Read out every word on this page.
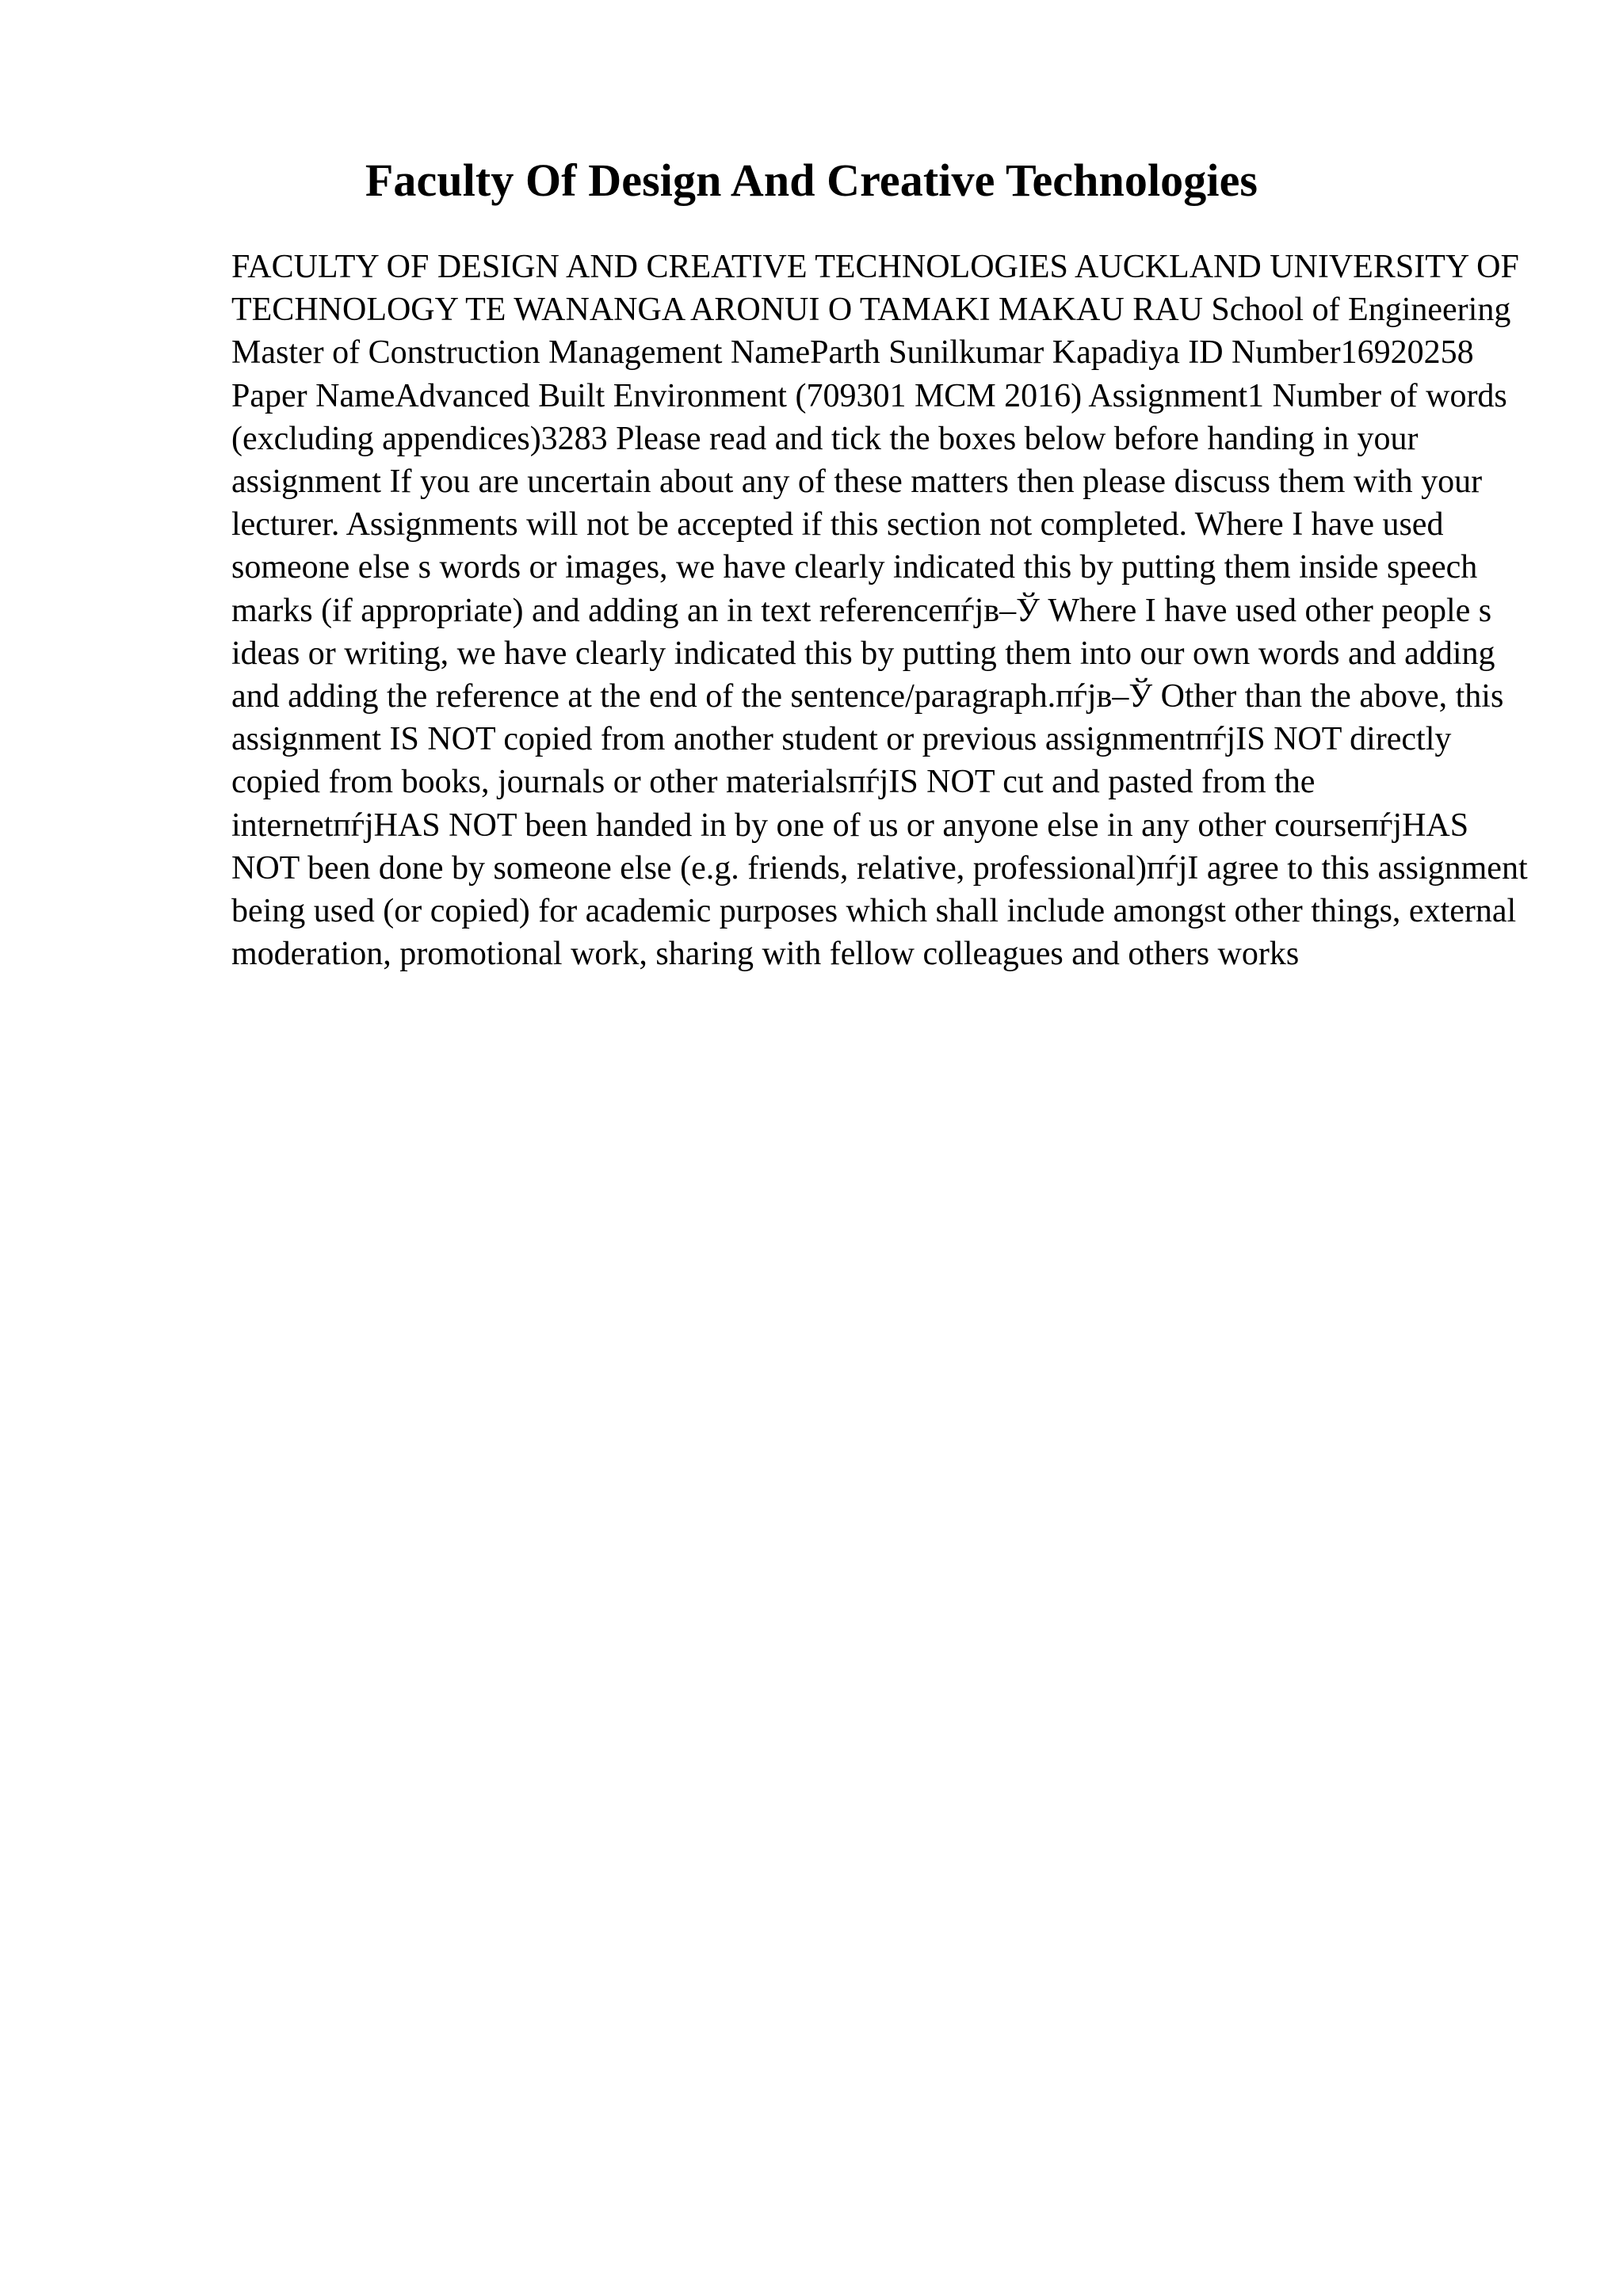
Faculty Of Design And Creative Technologies

FACULTY OF DESIGN AND CREATIVE TECHNOLOGIES AUCKLAND UNIVERSITY OF TECHNOLOGY TE WANANGA ARONUI O TAMAKI MAKAU RAU School of Engineering Master of Construction Management NameParth Sunilkumar Kapadiya ID Number16920258 Paper NameAdvanced Built Environment (709301 MCM 2016) Assignment1 Number of words (excluding appendices)3283 Please read and tick the boxes below before handing in your assignment If you are uncertain about any of these matters then please discuss them with your lecturer. Assignments will not be accepted if this section not completed. Where I have used someone else s words or images, we have clearly indicated this by putting them inside speech marks (if appropriate) and adding an in text referenceпѓјв–Ў Where I have used other people s ideas or writing, we have clearly indicated this by putting them into our own words and adding and adding the reference at the end of the sentence/paragraph.пѓјв–Ў Other than the above, this assignment IS NOT copied from another student or previous assignmentпѓјIS NOT directly copied from books, journals or other materialsпѓјIS NOT cut and pasted from the internetпѓјHAS NOT been handed in by one of us or anyone else in any other courseпѓјHAS NOT been done by someone else (e.g. friends, relative, professional)пѓјI agree to this assignment being used (or copied) for academic purposes which shall include amongst other things, external moderation, promotional work, sharing with fellow colleagues and others works
